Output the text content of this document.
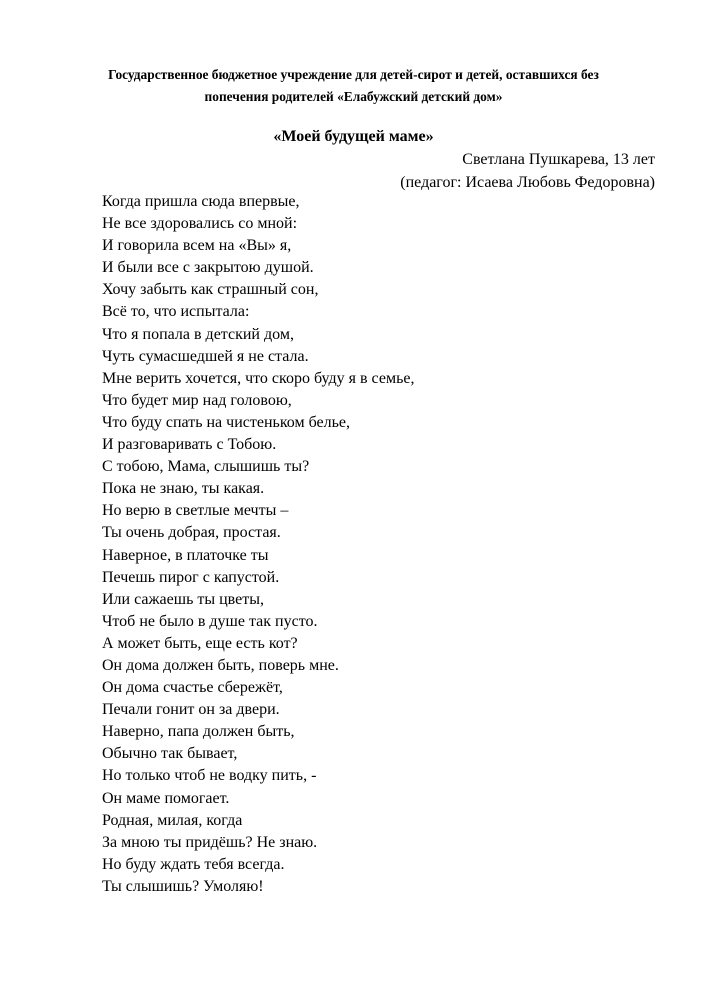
Государственное бюджетное учреждение для детей-сирот и детей, оставшихся без
попечения родителей «Елабужский детский дом»
«Моей будущей маме»
Светлана Пушкарева, 13 лет
(педагог: Исаева Любовь Федоровна)
Когда пришла сюда впервые,
Не все здоровались со мной:
И говорила всем на «Вы» я,
И были все с закрытою душой.
Хочу забыть как страшный сон,
Всё то, что испытала:
Что я попала в детский дом,
Чуть сумасшедшей я не стала.
Мне верить хочется, что скоро буду я в семье,
Что будет мир над головою,
Что буду спать на чистеньком белье,
И разговаривать с Тобою.
С тобою, Мама, слышишь ты?
Пока не знаю, ты какая.
Но верю в светлые мечты –
Ты очень добрая, простая.
Наверное, в платочке ты
Печешь пирог с капустой.
Или сажаешь ты цветы,
Чтоб не было в душе так пусто.
А может быть, еще есть кот?
Он дома должен быть, поверь мне.
Он дома счастье сбережёт,
Печали гонит он за двери.
Наверно, папа должен быть,
Обычно так бывает,
Но только чтоб не водку пить, -
Он маме помогает.
Родная, милая, когда
За мною ты придёшь? Не знаю.
Но буду ждать тебя всегда.
Ты слышишь? Умоляю!
